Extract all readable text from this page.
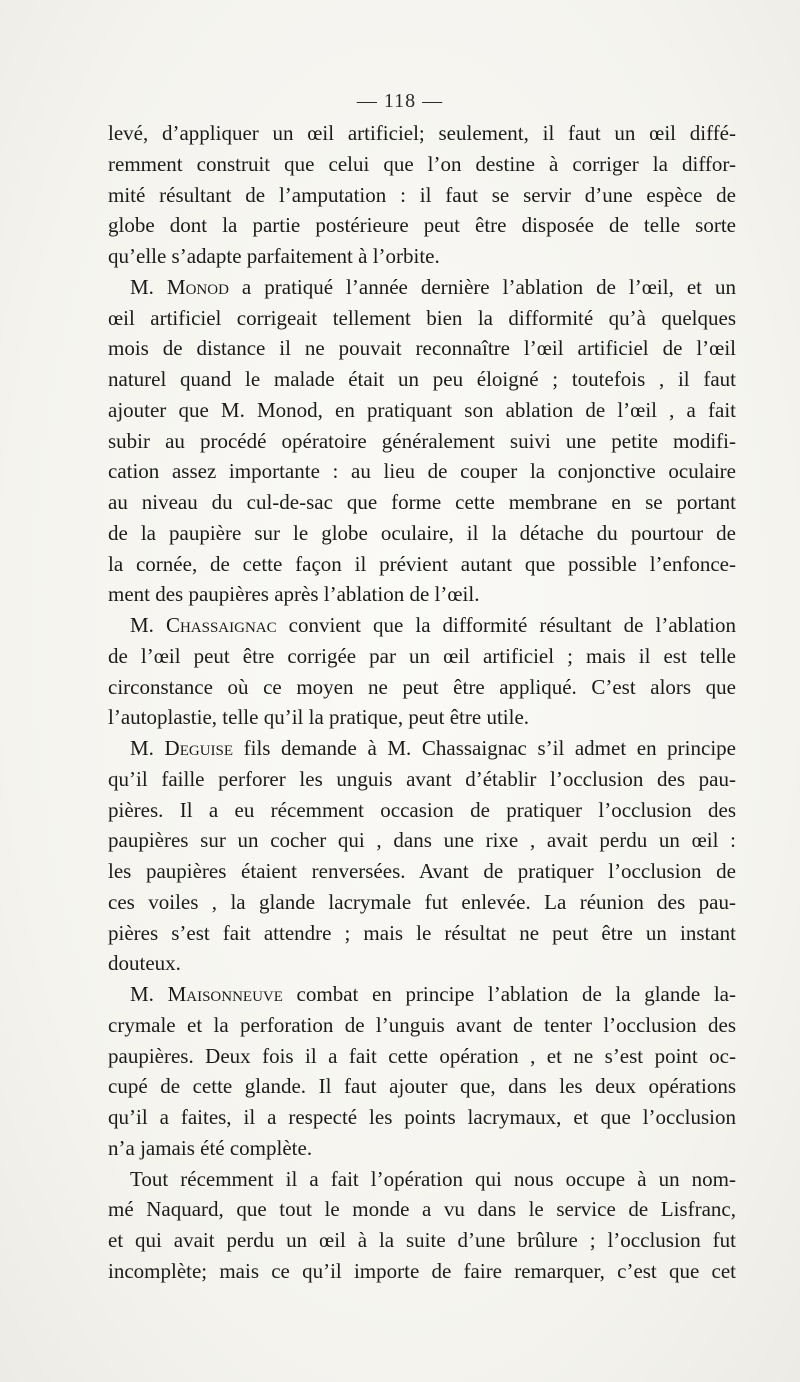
— 118 —
levé, d’appliquer un œil artificiel; seulement, il faut un œil diffé-
remment construit que celui que l’on destine à corriger la diffor-
mité résultant de l’amputation : il faut se servir d’une espèce de
globe dont la partie postérieure peut être disposée de telle sorte
qu’elle s’adapte parfaitement à l’orbite.
M. Monod a pratiqué l’année dernière l’ablation de l’œil, et un
œil artificiel corrigeait tellement bien la difformité qu’à quelques
mois de distance il ne pouvait reconnaître l’œil artificiel de l’œil
naturel quand le malade était un peu éloigné ; toutefois , il faut
ajouter que M. Monod, en pratiquant son ablation de l’œil , a fait
subir au procédé opératoire généralement suivi une petite modifi-
cation assez importante : au lieu de couper la conjonctive oculaire
au niveau du cul-de-sac que forme cette membrane en se portant
de la paupière sur le globe oculaire, il la détache du pourtour de
la cornée, de cette façon il prévient autant que possible l’enfonce-
ment des paupières après l’ablation de l’œil.
M. Chassaignac convient que la difformité résultant de l’ablation
de l’œil peut être corrigée par un œil artificiel ; mais il est telle
circonstance où ce moyen ne peut être appliqué. C’est alors que
l’autoplastie, telle qu’il la pratique, peut être utile.
M. Deguise fils demande à M. Chassaignac s’il admet en principe
qu’il faille perforer les unguis avant d’établir l’occlusion des pau-
pières. Il a eu récemment occasion de pratiquer l’occlusion des
paupières sur un cocher qui , dans une rixe , avait perdu un œil :
les paupières étaient renversées. Avant de pratiquer l’occlusion de
ces voiles , la glande lacrymale fut enlevée. La réunion des pau-
pières s’est fait attendre ; mais le résultat ne peut être un instant
douteux.
M. Maisonneuve combat en principe l’ablation de la glande la-
crymale et la perforation de l’unguis avant de tenter l’occlusion des
paupières. Deux fois il a fait cette opération , et ne s’est point oc-
cupé de cette glande. Il faut ajouter que, dans les deux opérations
qu’il a faites, il a respecté les points lacrymaux, et que l’occlusion
n’a jamais été complète.
Tout récemment il a fait l’opération qui nous occupe à un nom-
mé Naquard, que tout le monde a vu dans le service de Lisfranc,
et qui avait perdu un œil à la suite d’une brûlure ; l’occlusion fut
incomplète; mais ce qu’il importe de faire remarquer, c’est que cet
